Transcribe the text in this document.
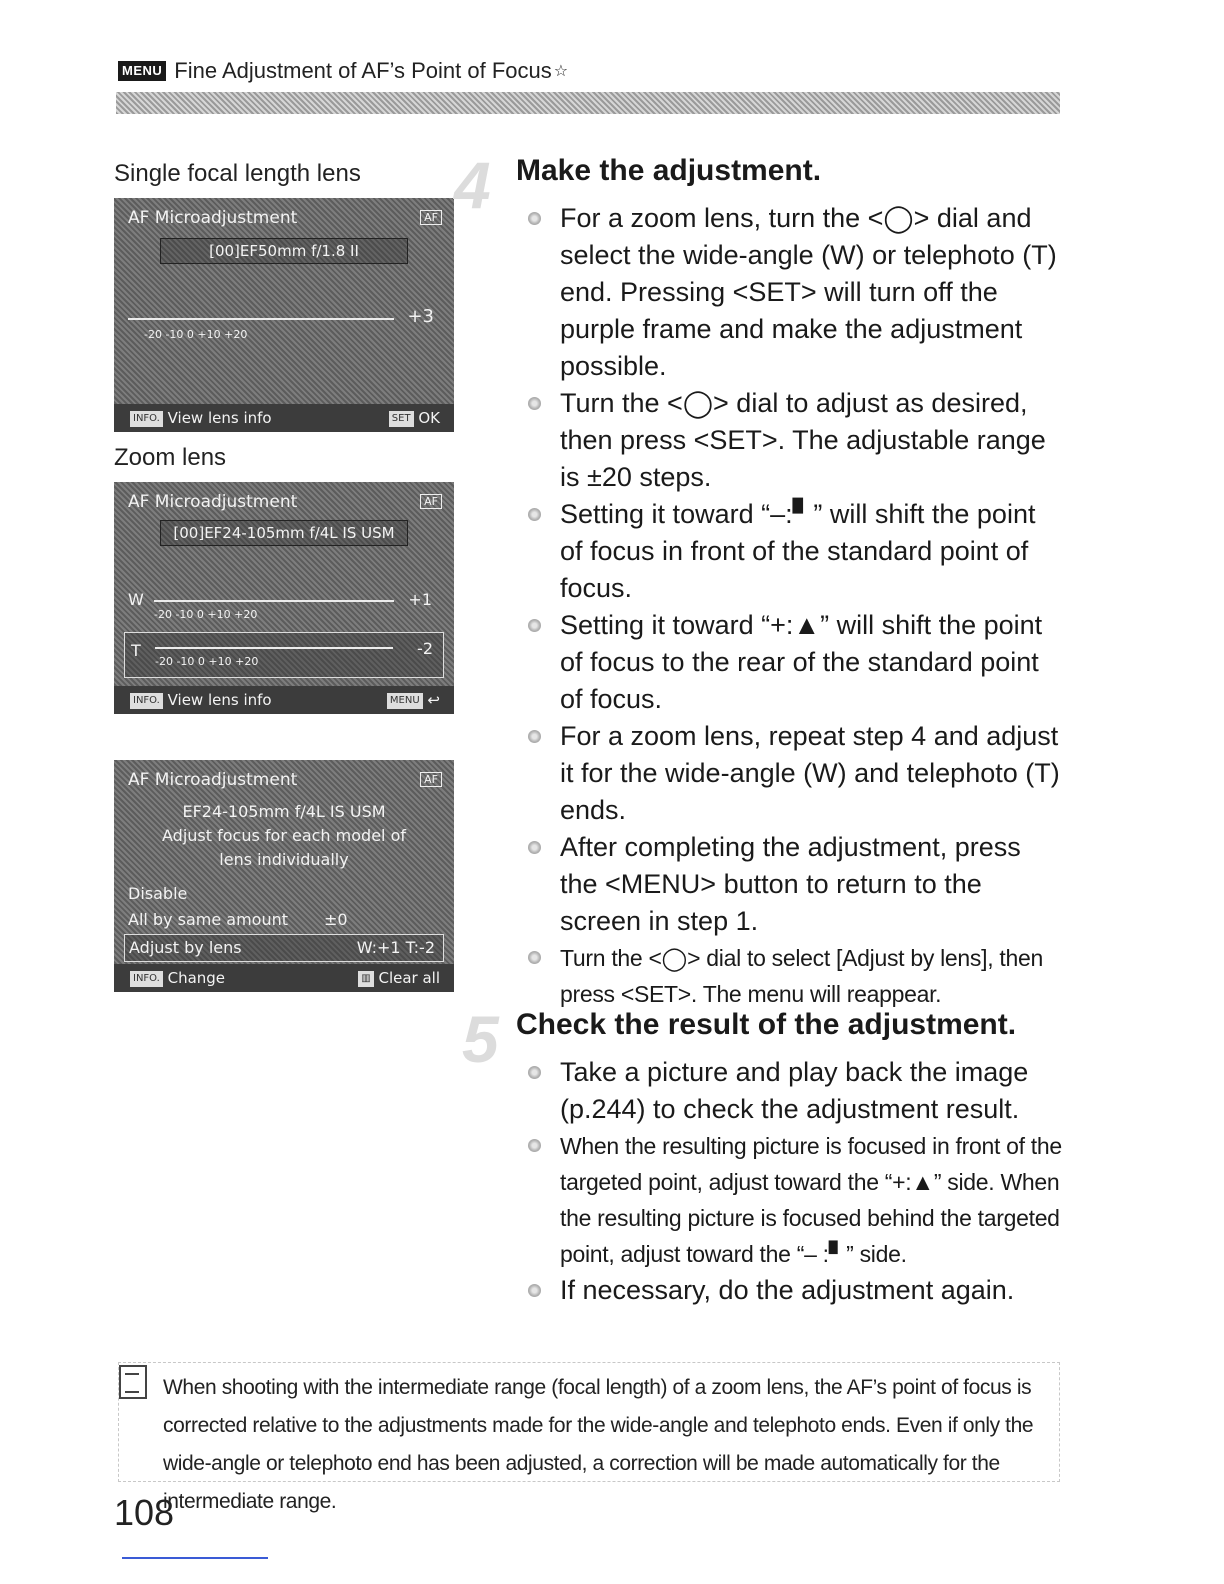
MENU Fine Adjustment of AF’s Point of Focus ☆
Single focal length lens
AF Microadjustment	AF
[00]EF50mm f/1.8 II
+3
-20 -10 0 +10 +20
INFO. View lens info	SET OK
Zoom lens
AF Microadjustment	AF
[00]EF24-105mm f/4L IS USM
W	+1
-20 -10 0 +10 +20
T	-2
-20 -10 0 +10 +20
INFO. View lens info	MENU ↩
AF Microadjustment	AF
EF24-105mm f/4L IS USM
Adjust focus for each model of
lens individually
Disable
All by same amount ±0
Adjust by lens	W:+1 T:-2
INFO. Change	▥ Clear all
4 Make the adjustment.
For a zoom lens, turn the <◯> dial and select the wide-angle (W) or telephoto (T) end. Pressing <SET> will turn off the purple frame and make the adjustment possible.
Turn the <◯> dial to adjust as desired, then press <SET>. The adjustable range is ±20 steps.
Setting it toward “–:▘” will shift the point of focus in front of the standard point of focus.
Setting it toward “+:▲” will shift the point of focus to the rear of the standard point of focus.
For a zoom lens, repeat step 4 and adjust it for the wide-angle (W) and telephoto (T) ends.
After completing the adjustment, press the <MENU> button to return to the screen in step 1.
Turn the <◯> dial to select [Adjust by lens], then press <SET>. The menu will reappear.
5 Check the result of the adjustment.
Take a picture and play back the image (p.244) to check the adjustment result.
When the resulting picture is focused in front of the targeted point, adjust toward the “+:▲” side. When the resulting picture is focused behind the targeted point, adjust toward the “– :▘” side.
If necessary, do the adjustment again.
When shooting with the intermediate range (focal length) of a zoom lens, the AF’s point of focus is corrected relative to the adjustments made for the wide-angle and telephoto ends. Even if only the wide-angle or telephoto end has been adjusted, a correction will be made automatically for the intermediate range.
108
